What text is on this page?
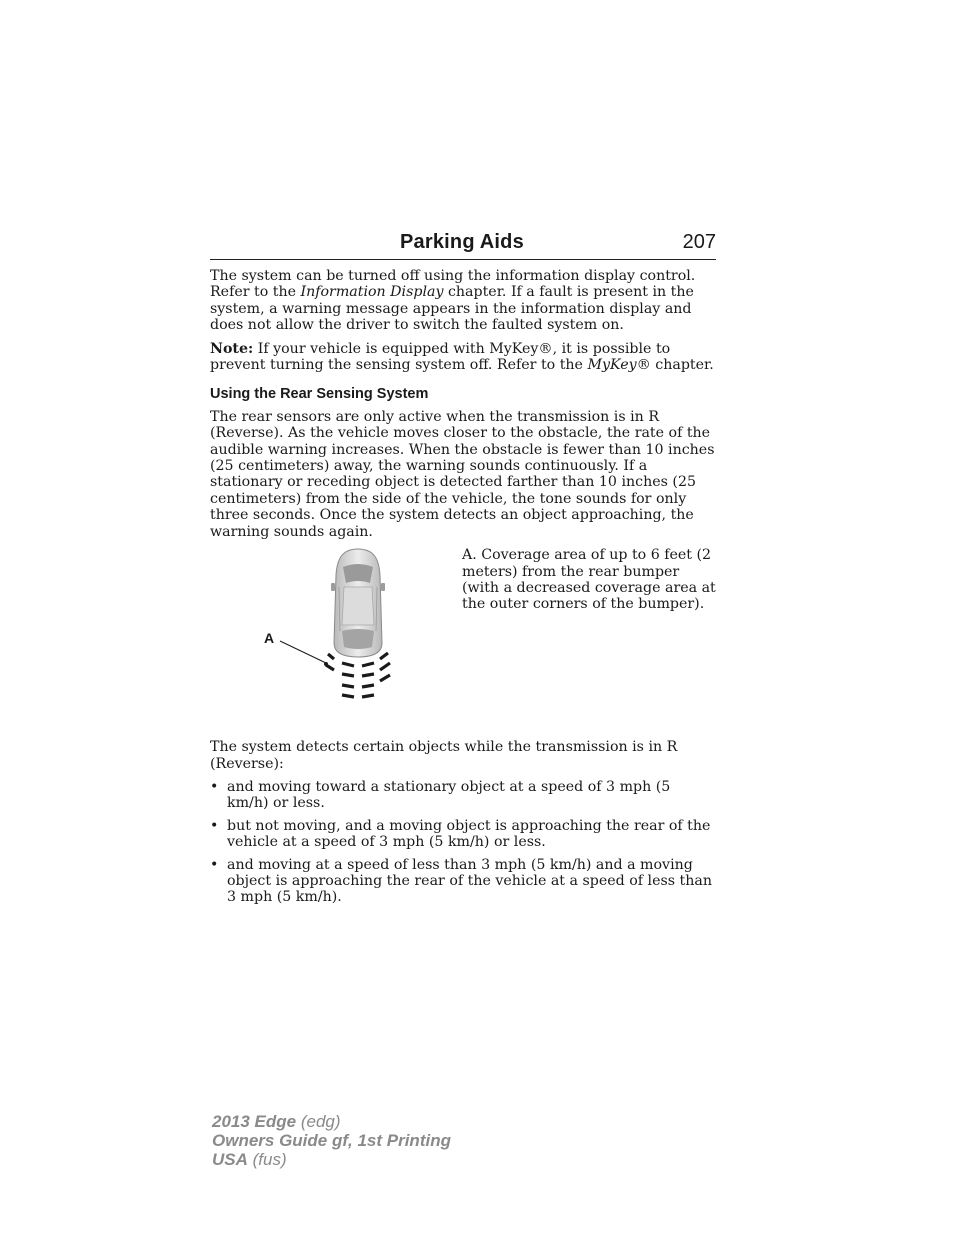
Parking Aids	207

The system can be turned off using the information display control. Refer to the Information Display chapter. If a fault is present in the system, a warning message appears in the information display and does not allow the driver to switch the faulted system on.

Note: If your vehicle is equipped with MyKey®, it is possible to prevent turning the sensing system off. Refer to the MyKey® chapter.

Using the Rear Sensing System

The rear sensors are only active when the transmission is in R (Reverse). As the vehicle moves closer to the obstacle, the rate of the audible warning increases. When the obstacle is fewer than 10 inches (25 centimeters) away, the warning sounds continuously. If a stationary or receding object is detected farther than 10 inches (25 centimeters) from the side of the vehicle, the tone sounds for only three seconds. Once the system detects an object approaching, the warning sounds again.

A
A. Coverage area of up to 6 feet (2 meters) from the rear bumper (with a decreased coverage area at the outer corners of the bumper).

The system detects certain objects while the transmission is in R (Reverse):

• and moving toward a stationary object at a speed of 3 mph (5 km/h) or less.
• but not moving, and a moving object is approaching the rear of the vehicle at a speed of 3 mph (5 km/h) or less.
• and moving at a speed of less than 3 mph (5 km/h) and a moving object is approaching the rear of the vehicle at a speed of less than 3 mph (5 km/h).
2013 Edge (edg)
Owners Guide gf, 1st Printing
USA (fus)
